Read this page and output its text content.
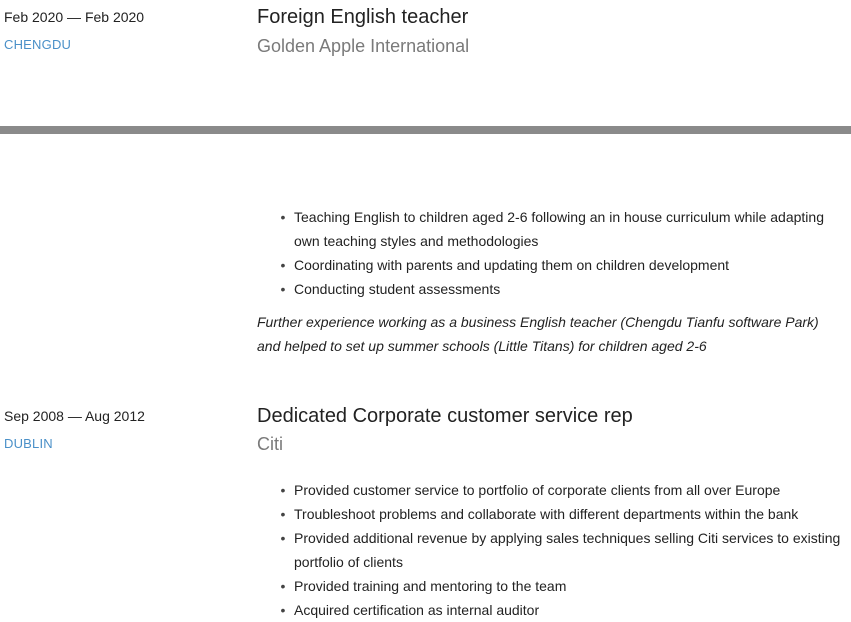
Feb 2020 — Feb 2020
CHENGDU
Foreign English teacher
Golden Apple International
• Teaching English to children aged 2-6 following an in house curriculum while adapting own teaching styles and methodologies
• Coordinating with parents and updating them on children development
• Conducting student assessments
Further experience working as a business English teacher (Chengdu Tianfu software Park) and helped to set up summer schools (Little Titans) for children aged 2-6
Sep 2008 — Aug 2012
DUBLIN
Dedicated Corporate customer service rep
Citi
• Provided customer service to portfolio of corporate clients from all over Europe
• Troubleshoot problems and collaborate with different departments within the bank
• Provided additional revenue by applying sales techniques selling Citi services to existing portfolio of clients
• Provided training and mentoring to the team
• Acquired certification as internal auditor
